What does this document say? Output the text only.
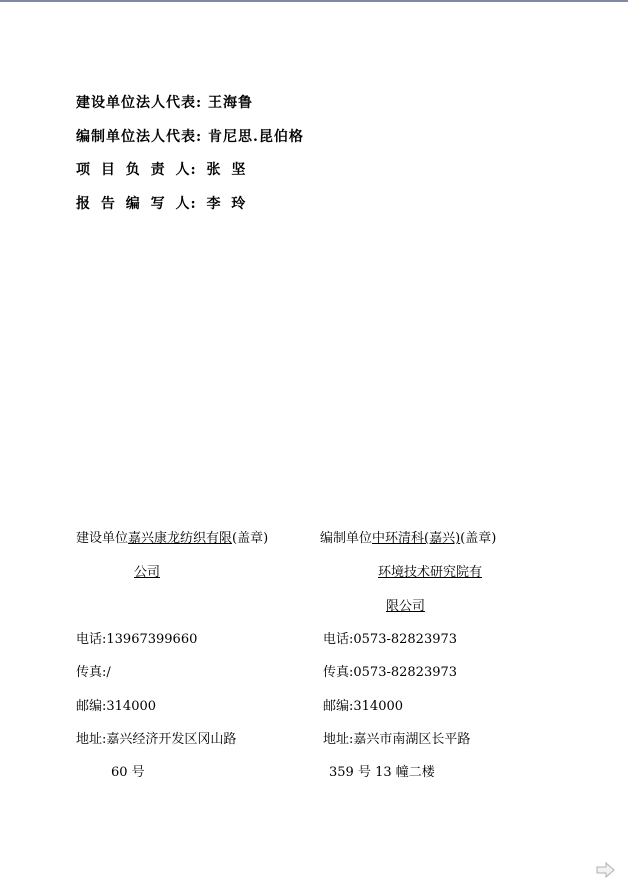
建设单位法人代表: 王海鲁
编制单位法人代表: 肯尼思.昆伯格
项 目 负 责 人: 张 坚
报 告 编 写 人: 李 玲
建设单位嘉兴康龙纺织有限(盖章)	编制单位中环清科(嘉兴)(盖章)
公司	环境技术研究院有
限公司
电话:13967399660	电话:0573-82823973
传真:/	传真:0573-82823973
邮编:314000	邮编:314000
地址:嘉兴经济开发区冈山路	地址:嘉兴市南湖区长平路
60 号	359 号 13 幢二楼
